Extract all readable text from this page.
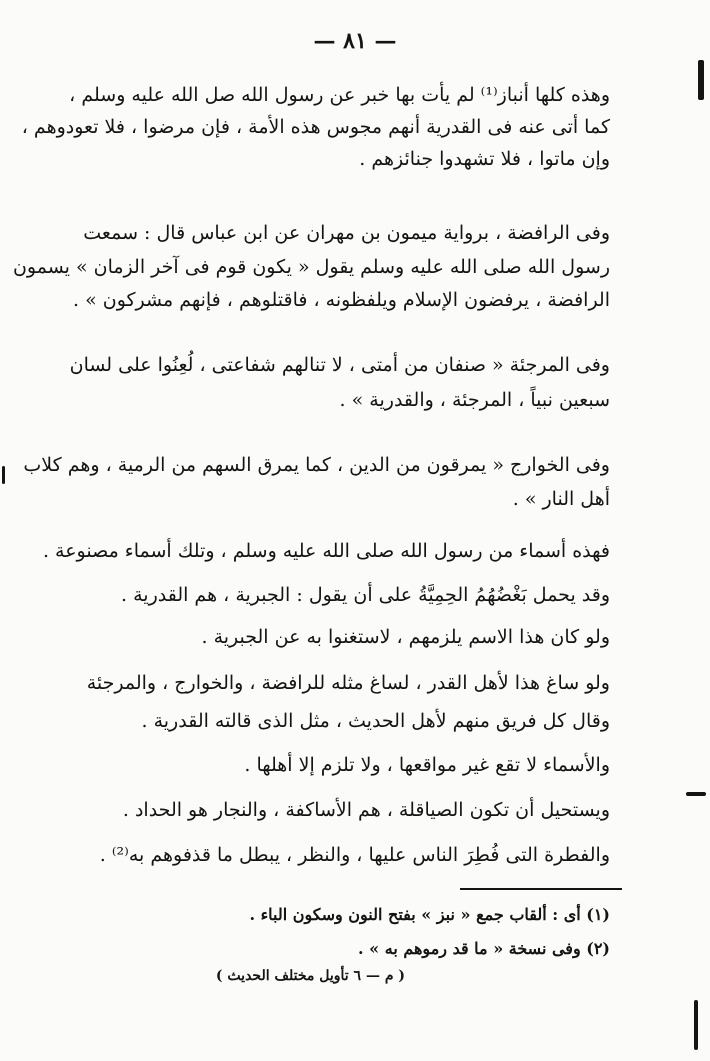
— ٨١ —
وهذه كلها أنباز⁽¹⁾ لم يأت بها خبر عن رسول الله صل الله عليه وسلم ،
كما أتى عنه فى القدرية أنهم مجوس هذه الأمة ، فإن مرضوا ، فلا تعودوهم ،
وإن ماتوا ، فلا تشهدوا جنائزهم .
وفى الرافضة ، برواية ميمون بن مهران عن ابن عباس قال : سمعت
رسول الله صلى الله عليه وسلم يقول « يكون قوم فى آخر الزمان » يسمون
الرافضة ، يرفضون الإسلام ويلفظونه ، فاقتلوهم ، فإنهم مشركون » .
وفى المرجئة « صنفان من أمتى ، لا تنالهم شفاعتى ، لُعِنُوا على لسان
سبعين نبياً ، المرجئة ، والقدرية » .
وفى الخوارج « يمرقون من الدين ، كما يمرق السهم من الرمية ، وهم كلاب
أهل النار » .
فهذه أسماء من رسول الله صلى الله عليه وسلم ، وتلك أسماء مصنوعة .
وقد يحمل بَغْضُهُمُ الحِمِيَّةُ على أن يقول : الجبرية ، هم القدرية .
ولو كان هذا الاسم يلزمهم ، لاستغنوا به عن الجبرية .
ولو ساغ هذا لأهل القدر ، لساغ مثله للرافضة ، والخوارج ، والمرجئة
وقال كل فريق منهم لأهل الحديث ، مثل الذى قالته القدرية .
والأسماء لا تقع غير مواقعها ، ولا تلزم إلا أهلها .
ويستحيل أن تكون الصياقلة ، هم الأساكفة ، والنجار هو الحداد .
والفطرة التى فُطِرَ الناس عليها ، والنظر ، يبطل ما قذفوهم به⁽²⁾ .
(١) أى : ألقاب جمع « نبز » بفتح النون وسكون الباء .
(٢) وفى نسخة « ما قد رموهم به » .
( م — ٦ تأويل مختلف الحديث )
